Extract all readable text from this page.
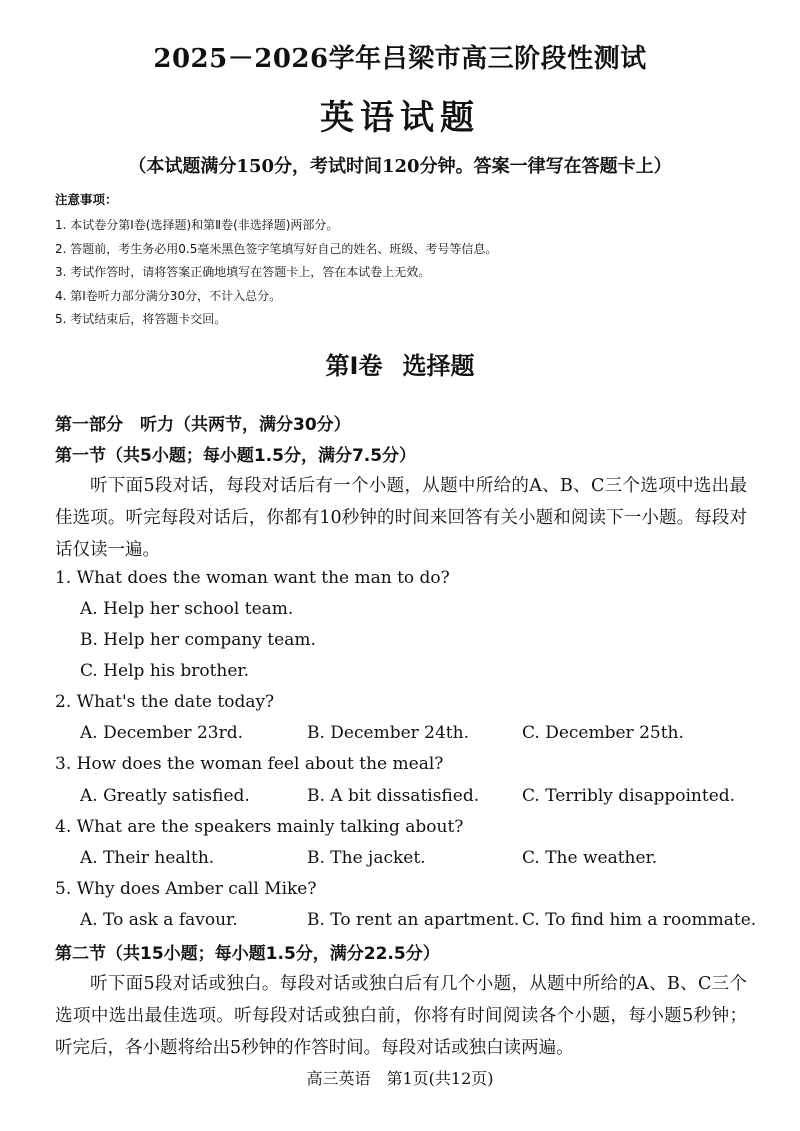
2025－2026学年吕梁市高三阶段性测试
英语试题
（本试题满分150分，考试时间120分钟。答案一律写在答题卡上）
注意事项：
1. 本试卷分第Ⅰ卷(选择题)和第Ⅱ卷(非选择题)两部分。
2. 答题前，考生务必用0.5毫米黑色签字笔填写好自己的姓名、班级、考号等信息。
3. 考试作答时，请将答案正确地填写在答题卡上，答在本试卷上无效。
4. 第Ⅰ卷听力部分满分30分，不计入总分。
5. 考试结束后，将答题卡交回。
第Ⅰ卷 选择题
第一部分　听力（共两节，满分30分）
第一节（共5小题；每小题1.5分，满分7.5分）
听下面5段对话，每段对话后有一个小题，从题中所给的A、B、C三个选项中选出最佳选项。听完每段对话后，你都有10秒钟的时间来回答有关小题和阅读下一小题。每段对话仅读一遍。
1. What does the woman want the man to do?
A. Help her school team.
B. Help her company team.
C. Help his brother.
2. What's the date today?
A. December 23rd.	B. December 24th.	C. December 25th.
3. How does the woman feel about the meal?
A. Greatly satisfied.	B. A bit dissatisfied.	C. Terribly disappointed.
4. What are the speakers mainly talking about?
A. Their health.	B. The jacket.	C. The weather.
5. Why does Amber call Mike?
A. To ask a favour.	B. To rent an apartment. C. To find him a roommate.
第二节（共15小题；每小题1.5分，满分22.5分）
听下面5段对话或独白。每段对话或独白后有几个小题，从题中所给的A、B、C三个选项中选出最佳选项。听每段对话或独白前，你将有时间阅读各个小题，每小题5秒钟；听完后，各小题将给出5秒钟的作答时间。每段对话或独白读两遍。
高三英语　第1页(共12页)
